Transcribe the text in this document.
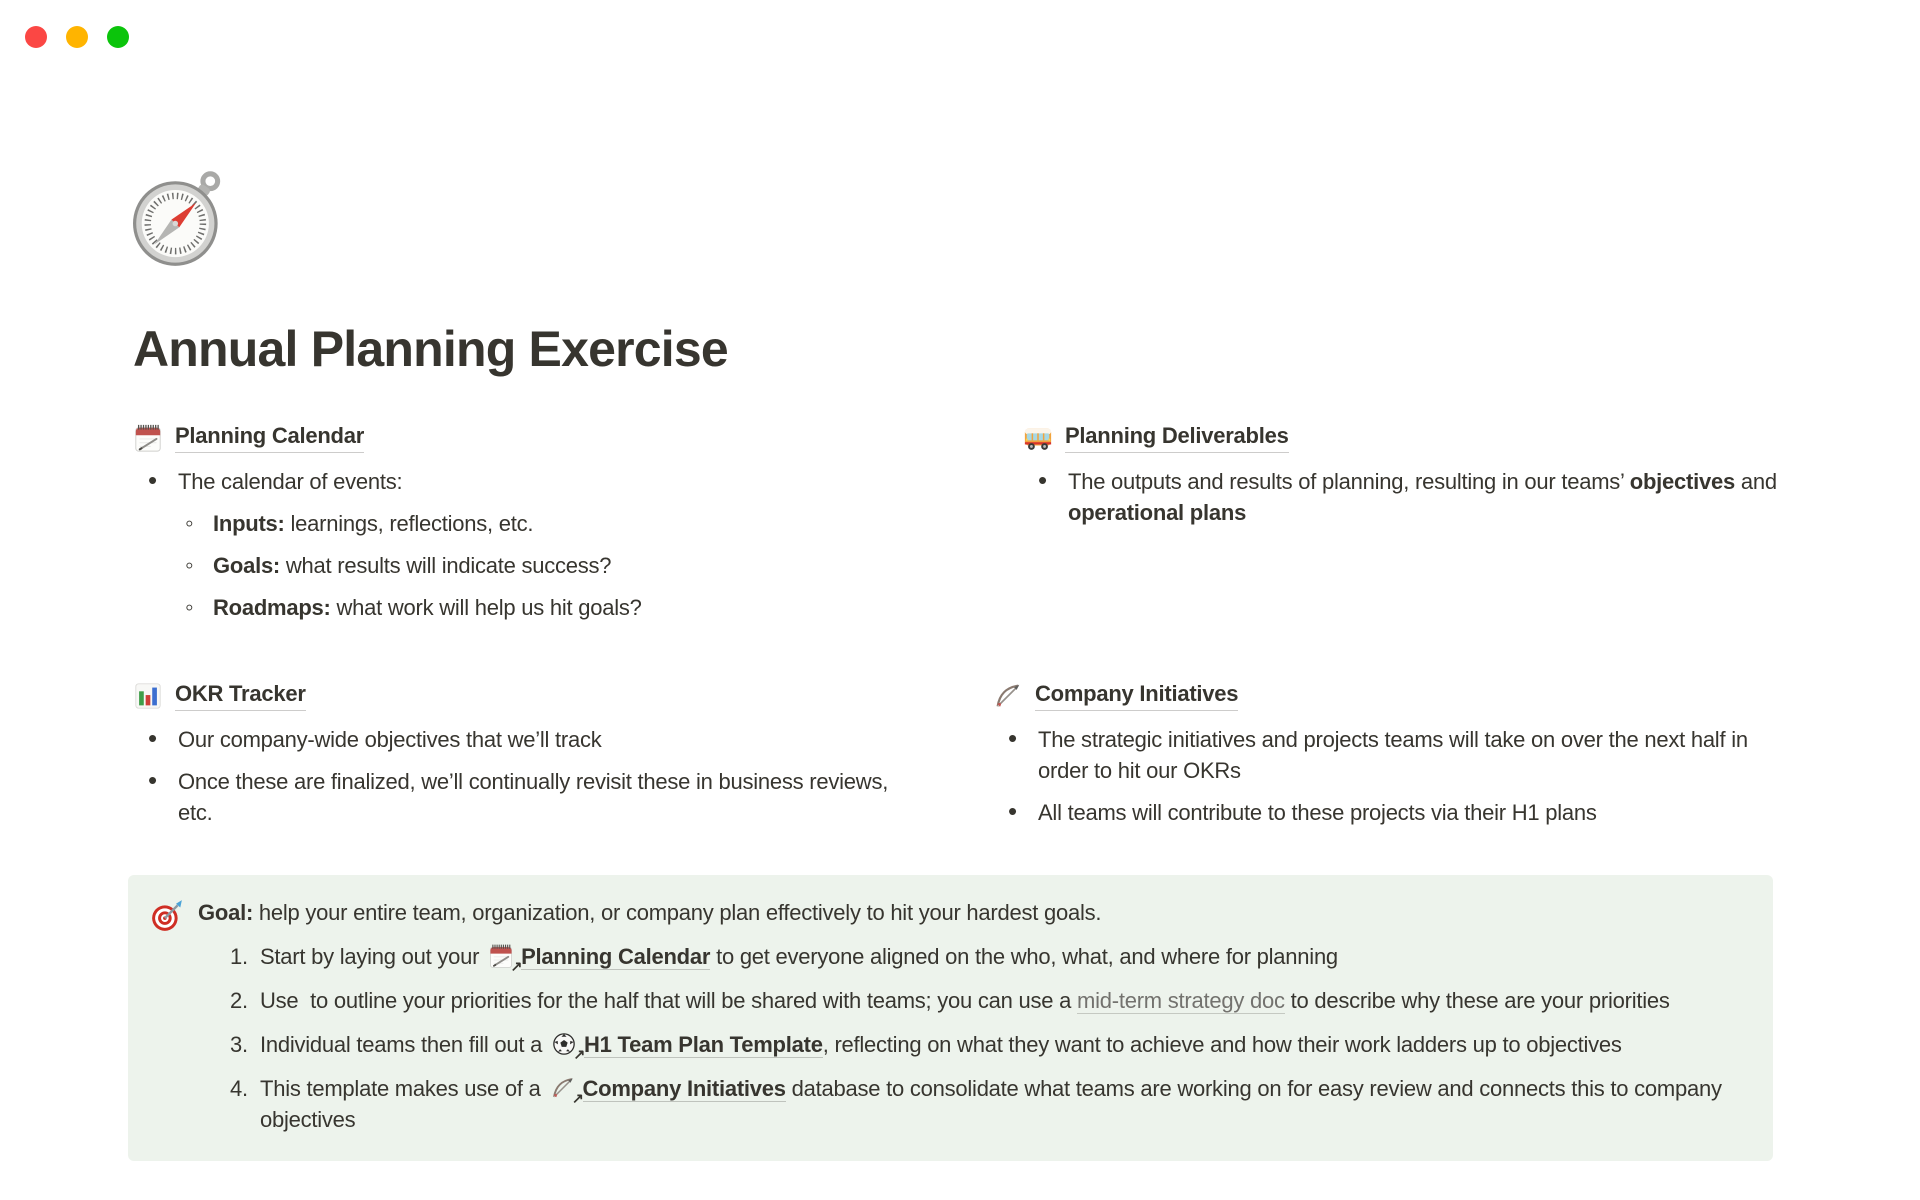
Annual Planning Exercise
Planning Calendar
• The calendar of events:
◦ Inputs: learnings, reflections, etc.
◦ Goals: what results will indicate success?
◦ Roadmaps: what work will help us hit goals?
Planning Deliverables
• The outputs and results of planning, resulting in our teams’ objectives and operational plans
OKR Tracker
• Our company-wide objectives that we’ll track
• Once these are finalized, we’ll continually revisit these in business reviews, etc.
Company Initiatives
• The strategic initiatives and projects teams will take on over the next half in order to hit our OKRs
• All teams will contribute to these projects via their H1 plans

Goal: help your entire team, organization, or company plan effectively to hit your hardest goals.

1. Start by laying out your ↗ Planning Calendar to get everyone aligned on the who, what, and where for planning
2. Use  to outline your priorities for the half that will be shared with teams; you can use a mid-term strategy doc to describe why these are your priorities
3. Individual teams then fill out a ↗ H1 Team Plan Template, reflecting on what they want to achieve and how their work ladders up to objectives
4. This template makes use of a ↗ Company Initiatives database to consolidate what teams are working on for easy review and connects this to company objectives
